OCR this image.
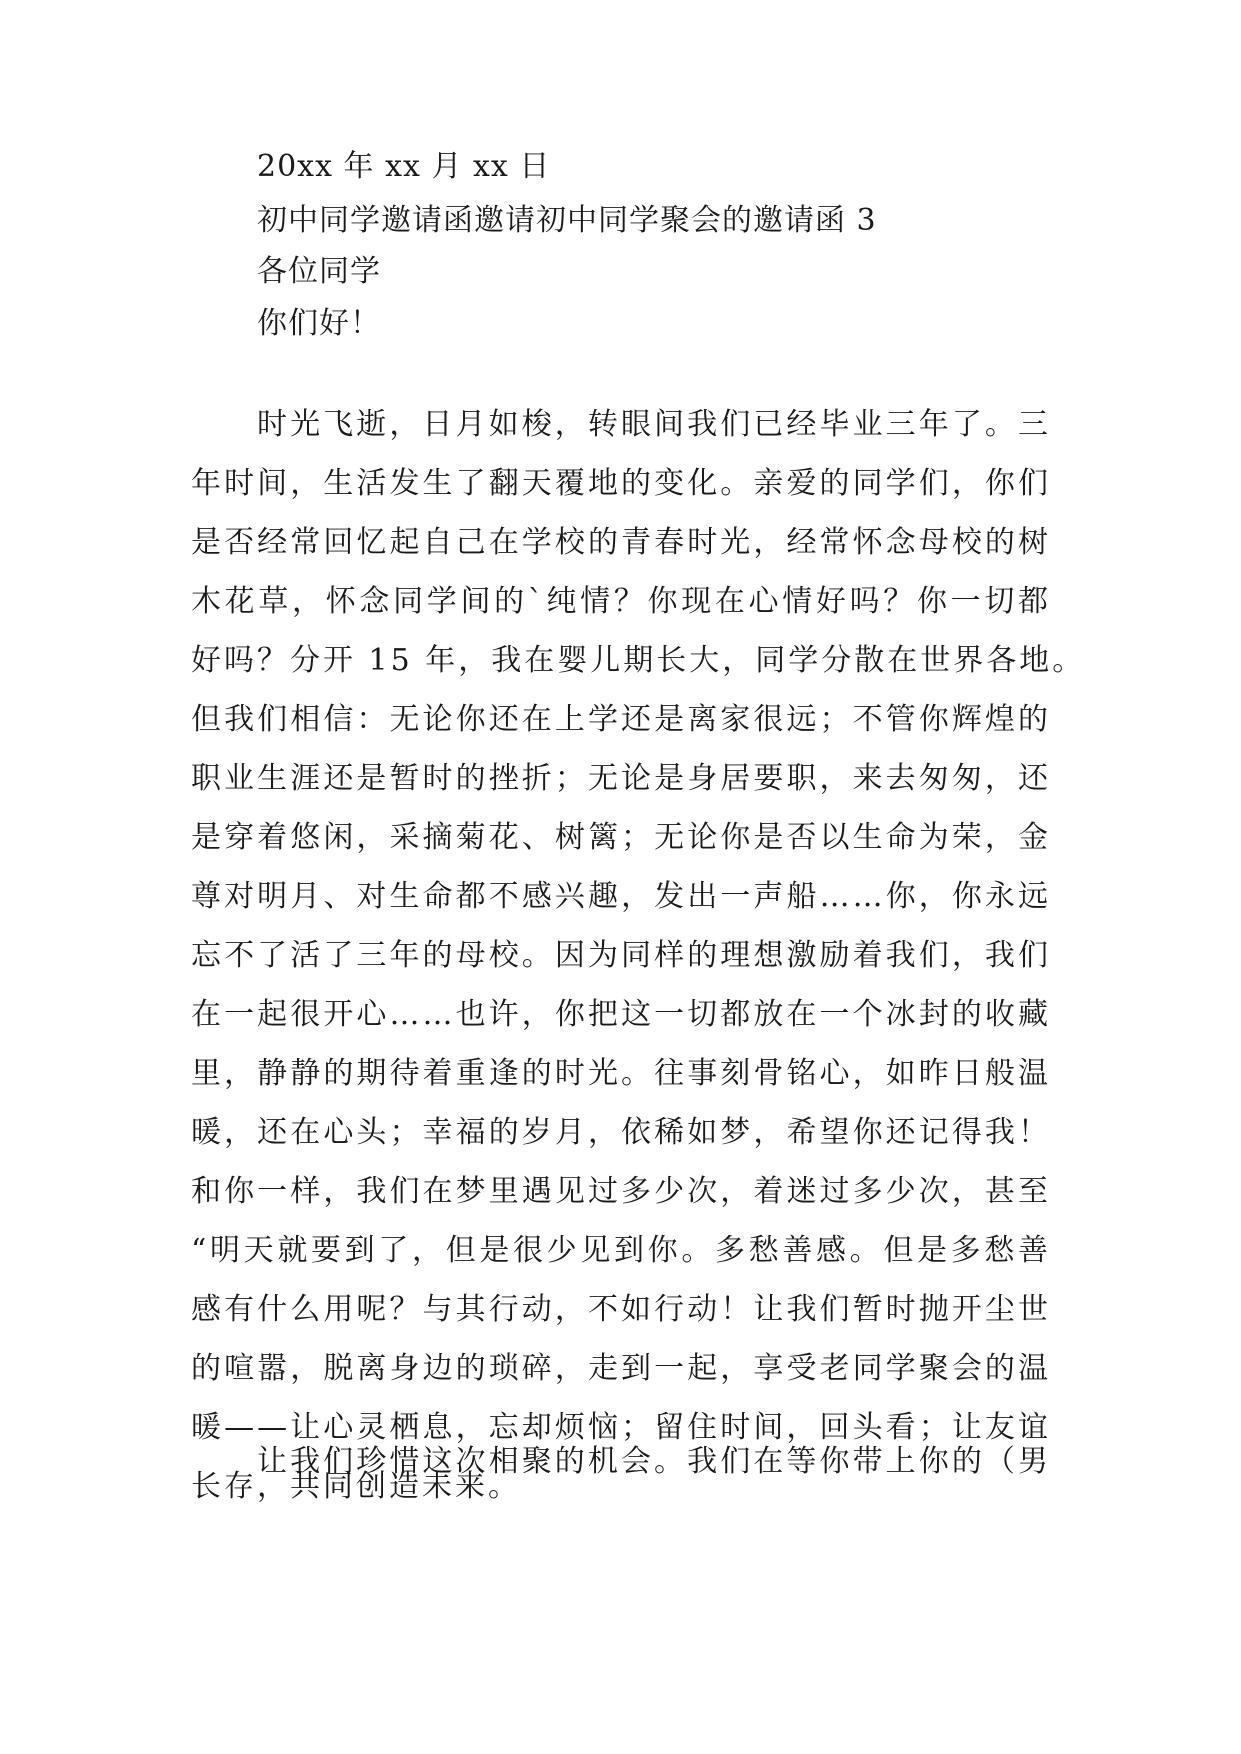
20xx 年 xx 月 xx 日
初中同学邀请函邀请初中同学聚会的邀请函 3
各位同学
你们好！
时光飞逝，日月如梭，转眼间我们已经毕业三年了。三
年时间，生活发生了翻天覆地的变化。亲爱的同学们，你们
是否经常回忆起自己在学校的青春时光，经常怀念母校的树
木花草，怀念同学间的`纯情？你现在心情好吗？你一切都
好吗？分开 15 年，我在婴儿期长大，同学分散在世界各地。
但我们相信：无论你还在上学还是离家很远；不管你辉煌的
职业生涯还是暂时的挫折；无论是身居要职，来去匆匆，还
是穿着悠闲，采摘菊花、树篱；无论你是否以生命为荣，金
尊对明月、对生命都不感兴趣，发出一声船……你，你永远
忘不了活了三年的母校。因为同样的理想激励着我们，我们
在一起很开心……也许，你把这一切都放在一个冰封的收藏
里，静静的期待着重逢的时光。往事刻骨铭心，如昨日般温
暖，还在心头；幸福的岁月，依稀如梦，希望你还记得我！
和你一样，我们在梦里遇见过多少次，着迷过多少次，甚至
“明天就要到了，但是很少见到你。多愁善感。但是多愁善
感有什么用呢？与其行动，不如行动！让我们暂时抛开尘世
的喧嚣，脱离身边的琐碎，走到一起，享受老同学聚会的温
暖——让心灵栖息，忘却烦恼；留住时间，回头看；让友谊
长存，共同创造未来。
让我们珍惜这次相聚的机会。我们在等你带上你的（男
